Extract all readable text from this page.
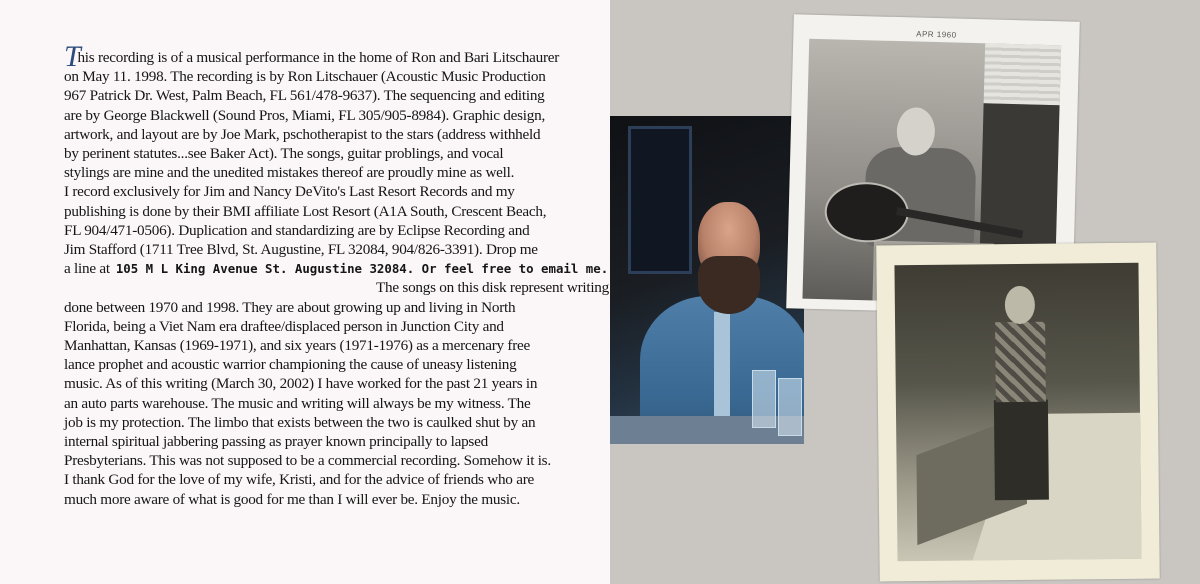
This recording is of a musical performance in the home of Ron and Bari Litschaurer
on May 11. 1998. The recording is by Ron Litschauer (Acoustic Music Production
967 Patrick Dr. West, Palm Beach, FL 561/478-9637). The sequencing and editing
are by George Blackwell (Sound Pros, Miami, FL 305/905-8984). Graphic design,
artwork, and layout are by Joe Mark, pschotherapist to the stars (address withheld
by perinent statutes...see Baker Act). The songs, guitar problings, and vocal
stylings are mine and the unedited mistakes thereof are proudly mine as well.
I record exclusively for Jim and Nancy DeVito's Last Resort Records and my
publishing is done by their BMI affiliate Lost Resort (A1A South, Crescent Beach,
FL 904/471-0506). Duplication and standardizing are by Eclipse Recording and
Jim Stafford (1711 Tree Blvd, St. Augustine, FL 32084, 904/826-3391). Drop me
a line at 105 M L King Avenue St. Augustine 32084. Or feel free to email me.
The songs on this disk represent writing
done between 1970 and 1998. They are about growing up and living in North
Florida, being a Viet Nam era draftee/displaced person in Junction City and
Manhattan, Kansas (1969-1971), and six years (1971-1976) as a mercenary free
lance prophet and acoustic warrior championing the cause of uneasy listening
music. As of this writing (March 30, 2002) I have worked for the past 21 years in
an auto parts warehouse. The music and writing will always be my witness. The
job is my protection. The limbo that exists between the two is caulked shut by an
internal spiritual jabbering passing as prayer known principally to lapsed
Presbyterians. This was not supposed to be a commercial recording. Somehow it is.
I thank God for the love of my wife, Kristi, and for the advice of friends who are
much more aware of what is good for me than I will ever be. Enjoy the music.
APR 1960
